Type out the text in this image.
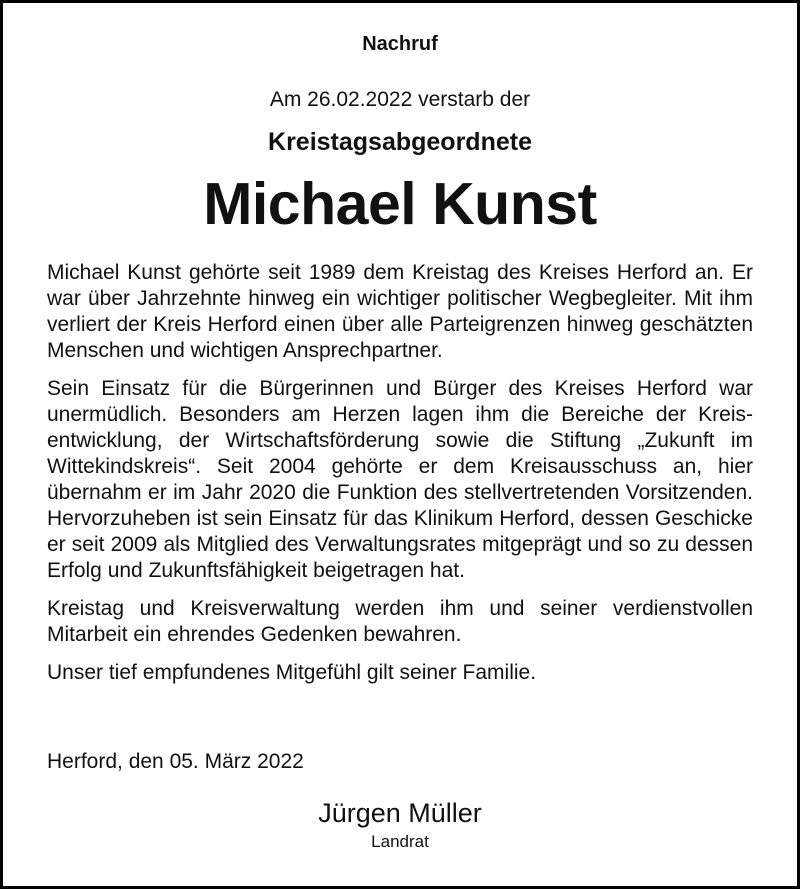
Nachruf
Am 26.02.2022 verstarb der
Kreistagsabgeordnete
Michael Kunst

Michael Kunst gehörte seit 1989 dem Kreistag des Kreises Herford an. Er war über Jahrzehnte hinweg ein wichtiger politischer Wegbegleiter. Mit ihm verliert der Kreis Herford einen über alle Parteigrenzen hinweg geschätzten Menschen und wichtigen Ansprechpartner.

Sein Einsatz für die Bürgerinnen und Bürger des Kreises Herford war unermüdlich. Besonders am Herzen lagen ihm die Bereiche der Kreisentwicklung, der Wirtschaftsförderung sowie die Stiftung „Zukunft im Wittekindskreis“. Seit 2004 gehörte er dem Kreisausschuss an, hier übernahm er im Jahr 2020 die Funktion des stellvertretenden Vorsitzenden. Hervorzuheben ist sein Einsatz für das Klinikum Herford, dessen Geschicke er seit 2009 als Mitglied des Verwaltungsrates mitgeprägt und so zu dessen Erfolg und Zukunftsfähigkeit beigetragen hat.

Kreistag und Kreisverwaltung werden ihm und seiner verdienstvollen Mitarbeit ein ehrendes Gedenken bewahren.

Unser tief empfundenes Mitgefühl gilt seiner Familie.

Herford, den 05. März 2022
Jürgen Müller
Landrat
